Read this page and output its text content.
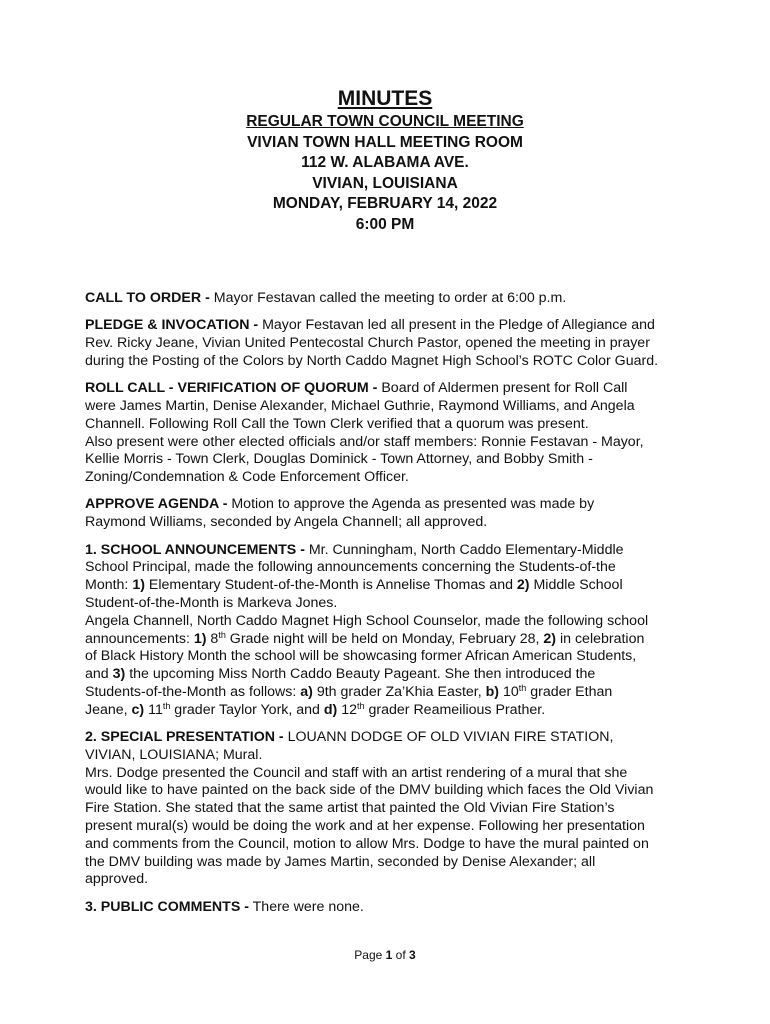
MINUTES
REGULAR TOWN COUNCIL MEETING
VIVIAN TOWN HALL MEETING ROOM
112 W. ALABAMA AVE.
VIVIAN, LOUISIANA
MONDAY, FEBRUARY 14, 2022
6:00 PM
CALL TO ORDER - Mayor Festavan called the meeting to order at 6:00 p.m.
PLEDGE & INVOCATION - Mayor Festavan led all present in the Pledge of Allegiance and
Rev. Ricky Jeane, Vivian United Pentecostal Church Pastor, opened the meeting in prayer
during the Posting of the Colors by North Caddo Magnet High School’s ROTC Color Guard.
ROLL CALL - VERIFICATION OF QUORUM - Board of Aldermen present for Roll Call
were James Martin, Denise Alexander, Michael Guthrie, Raymond Williams, and Angela
Channell. Following Roll Call the Town Clerk verified that a quorum was present.
Also present were other elected officials and/or staff members: Ronnie Festavan - Mayor,
Kellie Morris - Town Clerk, Douglas Dominick - Town Attorney, and Bobby Smith -
Zoning/Condemnation & Code Enforcement Officer.
APPROVE AGENDA - Motion to approve the Agenda as presented was made by
Raymond Williams, seconded by Angela Channell; all approved.
1. SCHOOL ANNOUNCEMENTS - Mr. Cunningham, North Caddo Elementary-Middle
School Principal, made the following announcements concerning the Students-of-the
Month: 1) Elementary Student-of-the-Month is Annelise Thomas and 2) Middle School
Student-of-the-Month is Markeva Jones.
Angela Channell, North Caddo Magnet High School Counselor, made the following school
announcements: 1) 8th Grade night will be held on Monday, February 28, 2) in celebration
of Black History Month the school will be showcasing former African American Students,
and 3) the upcoming Miss North Caddo Beauty Pageant. She then introduced the
Students-of-the-Month as follows: a) 9th grader Za’Khia Easter, b) 10th grader Ethan
Jeane, c) 11th grader Taylor York, and d) 12th grader Reameilious Prather.
2. SPECIAL PRESENTATION - LOUANN DODGE OF OLD VIVIAN FIRE STATION,
VIVIAN, LOUISIANA; Mural.
Mrs. Dodge presented the Council and staff with an artist rendering of a mural that she
would like to have painted on the back side of the DMV building which faces the Old Vivian
Fire Station. She stated that the same artist that painted the Old Vivian Fire Station’s
present mural(s) would be doing the work and at her expense. Following her presentation
and comments from the Council, motion to allow Mrs. Dodge to have the mural painted on
the DMV building was made by James Martin, seconded by Denise Alexander; all
approved.
3. PUBLIC COMMENTS - There were none.
Page 1 of 3
